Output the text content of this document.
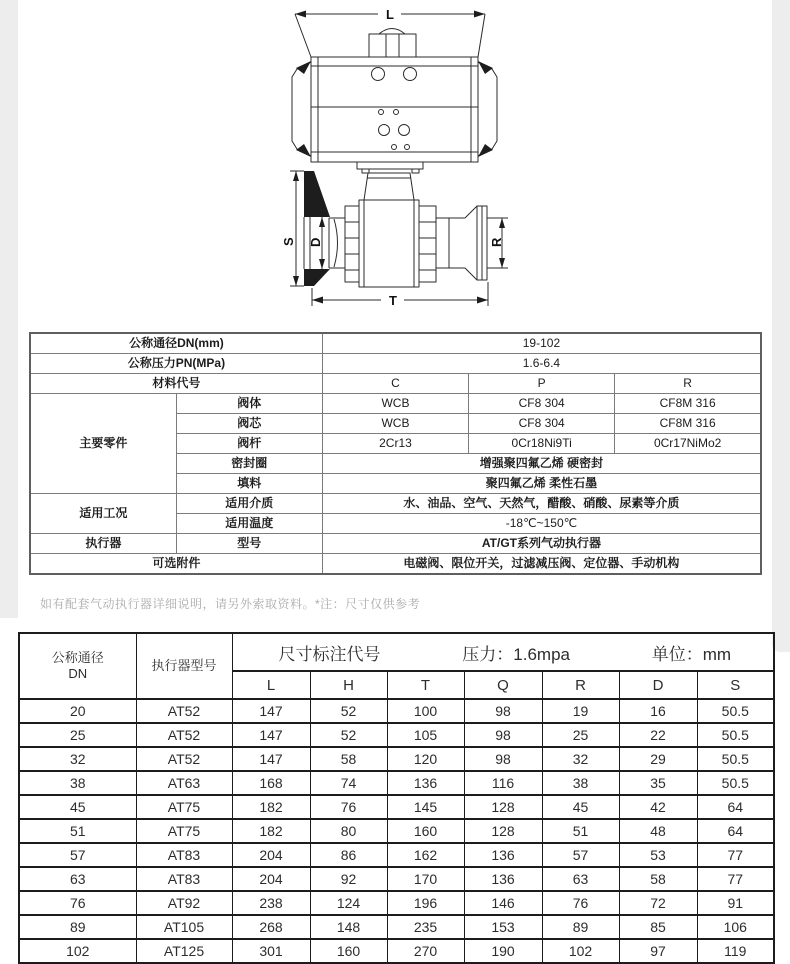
L
S D	R
T
公称通径DN(mm)		19-102		
公称压力PN(MPa)		1.6-6.4		
材料代号		C	P	R
主要零件	阀体	WCB	CF8 304	CF8M 316
	阀芯	WCB	CF8 304	CF8M 316
	阀杆	2Cr13	0Cr18Ni9Ti	0Cr17NiMo2
	密封圈	增强聚四氟乙烯 硬密封		
	填料	聚四氟乙烯 柔性石墨		
适用工况	适用介质	水、油品、空气、天然气，醋酸、硝酸、尿素等介质		
	适用温度	-18℃~150℃		
执行器	型号	AT/GT系列气动执行器		
可选附件		电磁阀、限位开关，过滤减压阀、定位器、手动机构		
如有配套气动执行器详细说明，请另外索取资料。*注：尺寸仅供参考
公称通径
DN
	执行器型号	
尺寸标注代号	压力：1.6mpa	单位：mm

		L	H	T	Q	R	D	S
20	AT52	147	52	100	98	19	16	50.5
25	AT52	147	52	105	98	25	22	50.5
32	AT52	147	58	120	98	32	29	50.5
38	AT63	168	74	136	116	38	35	50.5
45	AT75	182	76	145	128	45	42	64
51	AT75	182	80	160	128	51	48	64
57	AT83	204	86	162	136	57	53	77
63	AT83	204	92	170	136	63	58	77
76	AT92	238	124	196	146	76	72	91
89	AT105	268	148	235	153	89	85	106
102	AT125	301	160	270	190	102	97	119
